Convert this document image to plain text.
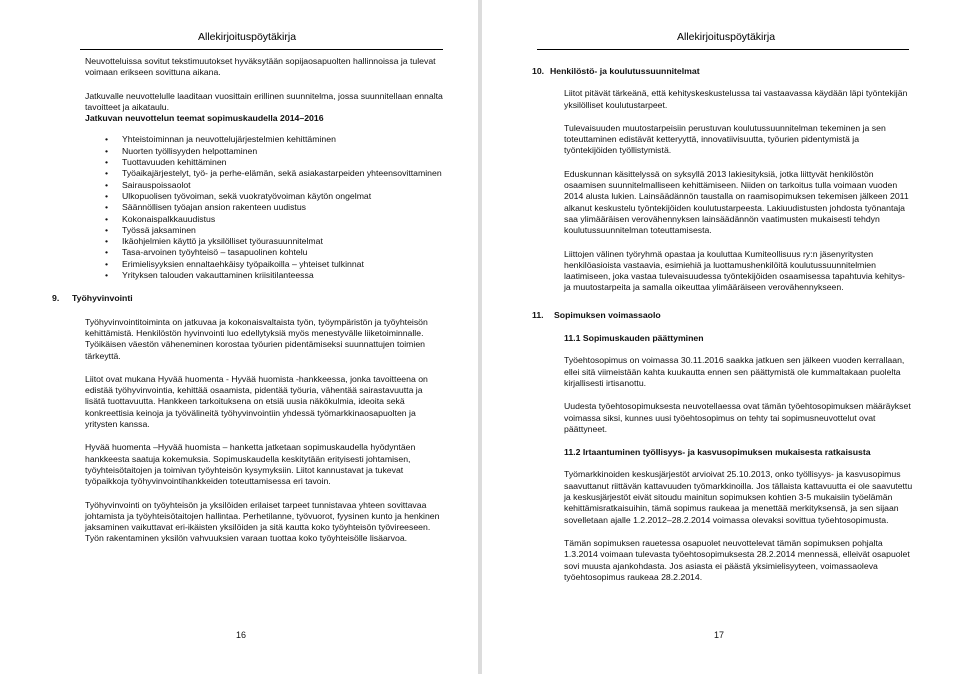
Allekirjoituspöytäkirja

Neuvotteluissa sovitut tekstimuutokset hyväksytään sopijaosapuolten hallinnoissa ja tulevat voimaan erikseen sovittuna aikana.

Jatkuvalle neuvottelulle laaditaan vuosittain erillinen suunnitelma, jossa suunnitellaan ennalta tavoitteet ja aikataulu.

Jatkuvan neuvottelun teemat sopimuskaudella 2014–2016
• Yhteistoiminnan ja neuvottelujärjestelmien kehittäminen
• Nuorten työllisyyden helpottaminen
• Tuottavuuden kehittäminen
• Työaikajärjestelyt, työ- ja perhe-elämän, sekä asiakastarpeiden yhteensovittaminen
• Sairauspoissaolot
• Ulkopuolisen työvoiman, sekä vuokratyövoiman käytön ongelmat
• Säännöllisen työajan ansion rakenteen uudistus
• Kokonaispalkkauudistus
• Työssä jaksaminen
• Ikäohjelmien käyttö ja yksilölliset työurasuunnitelmat
• Tasa-arvoinen työyhteisö – tasapuolinen kohtelu
• Erimielisyyksien ennaltaehkäisy työpaikoilla – yhteiset tulkinnat
• Yrityksen talouden vakauttaminen kriisitilanteessa
9. Työhyvinvointi

Työhyvinvointitoiminta on jatkuvaa ja kokonaisvaltaista työn, työympäristön ja työyhteisön kehittämistä. Henkilöstön hyvinvointi luo edellytyksiä myös menestyvälle liiketoiminnalle. Työikäisen väestön väheneminen korostaa työurien pidentämiseksi suunnattujen toimien tärkeyttä.

Liitot ovat mukana Hyvää huomenta - Hyvää huomista -hankkeessa, jonka tavoitteena on edistää työhyvinvointia, kehittää osaamista, pidentää työuria, vähentää sairastavuutta ja lisätä tuottavuutta. Hankkeen tarkoituksena on etsiä uusia näkökulmia, ideoita sekä konkreettisia keinoja ja työvälineitä työhyvinvointiin yhdessä työmarkkinaosapuolten ja yritysten kanssa.

Hyvää huomenta –Hyvää huomista – hanketta jatketaan sopimuskaudella hyödyntäen hankkeesta saatuja kokemuksia. Sopimuskaudella keskitytään erityisesti johtamisen, työyhteisötaitojen ja toimivan työyhteisön kysymyksiin. Liitot kannustavat ja tukevat työpaikkoja työhyvinvointihankkeiden toteuttamisessa eri tavoin.

Työhyvinvointi on työyhteisön ja yksilöiden erilaiset tarpeet tunnistavaa yhteen sovittavaa johtamista ja työyhteisötaitojen hallintaa. Perhetilanne, työvuorot, fyysinen kunto ja henkinen jaksaminen vaikuttavat eri-ikäisten yksilöiden ja sitä kautta koko työyhteisön työvireeseen. Työn rakentaminen yksilön vahvuuksien varaan tuottaa koko työyhteisölle lisäarvoa.

16
Allekirjoituspöytäkirja
10. Henkilöstö- ja koulutussuunnitelmat

Liitot pitävät tärkeänä, että kehityskeskustelussa tai vastaavassa käydään läpi työntekijän yksilölliset koulutustarpeet.

Tulevaisuuden muutostarpeisiin perustuvan koulutussuunnitelman tekeminen ja sen toteuttaminen edistävät ketteryyttä, innovatiivisuutta, työurien pidentymistä ja työntekijöiden työllistymistä.

Eduskunnan käsittelyssä on syksyllä 2013 lakiesityksiä, jotka liittyvät henkilöstön osaamisen suunnitelmalliseen kehittämiseen. Niiden on tarkoitus tulla voimaan vuoden 2014 alusta lukien. Lainsäädännön taustalla on raamisopimuksen tekemisen jälkeen 2011 alkanut keskustelu työntekijöiden koulutustarpeesta. Lakiuudistusten johdosta työnantaja saa ylimääräisen verovähennyksen lainsäädännön vaatimusten mukaisesti tehdyn koulutussuunnitelman toteuttamisesta.

Liittojen välinen työryhmä opastaa ja kouluttaa Kumiteollisuus ry:n jäsenyritysten henkilöasioista vastaavia, esimiehiä ja luottamushenkilöitä koulutussuunnitelmien laatimiseen, joka vastaa tulevaisuudessa työntekijöiden osaamisessa tapahtuvia kehitys- ja muutostarpeita ja samalla oikeuttaa ylimääräiseen verovähennykseen.

11. Sopimuksen voimassaolo
11.1 Sopimuskauden päättyminen

Työehtosopimus on voimassa 30.11.2016 saakka jatkuen sen jälkeen vuoden kerrallaan, ellei sitä viimeistään kahta kuukautta ennen sen päättymistä ole kummaltakaan puolelta kirjallisesti irtisanottu.

Uudesta työehtosopimuksesta neuvotellaessa ovat tämän työehtosopimuksen määräykset voimassa siksi, kunnes uusi työehtosopimus on tehty tai sopimusneuvottelut ovat päättyneet.

11.2 Irtaantuminen työllisyys- ja kasvusopimuksen mukaisesta ratkaisusta

Työmarkkinoiden keskusjärjestöt arvioivat 25.10.2013, onko työllisyys- ja kasvusopimus saavuttanut riittävän kattavuuden työmarkkinoilla. Jos tällaista kattavuutta ei ole saavutettu ja keskusjärjestöt eivät sitoudu mainitun sopimuksen kohtien 3-5 mukaisiin työelämän kehittämisratkaisuihin, tämä sopimus raukeaa ja menettää merkityksensä, ja sen sijaan sovelletaan ajalle 1.2.2012–28.2.2014 voimassa olevaksi sovittua työehtosopimusta.

Tämän sopimuksen rauetessa osapuolet neuvottelevat tämän sopimuksen pohjalta 1.3.2014 voimaan tulevasta työehtosopimuksesta 28.2.2014 mennessä, elleivät osapuolet sovi muusta ajankohdasta. Jos asiasta ei päästä yksimielisyyteen, voimassaoleva työehtosopimus raukeaa 28.2.2014.

17
